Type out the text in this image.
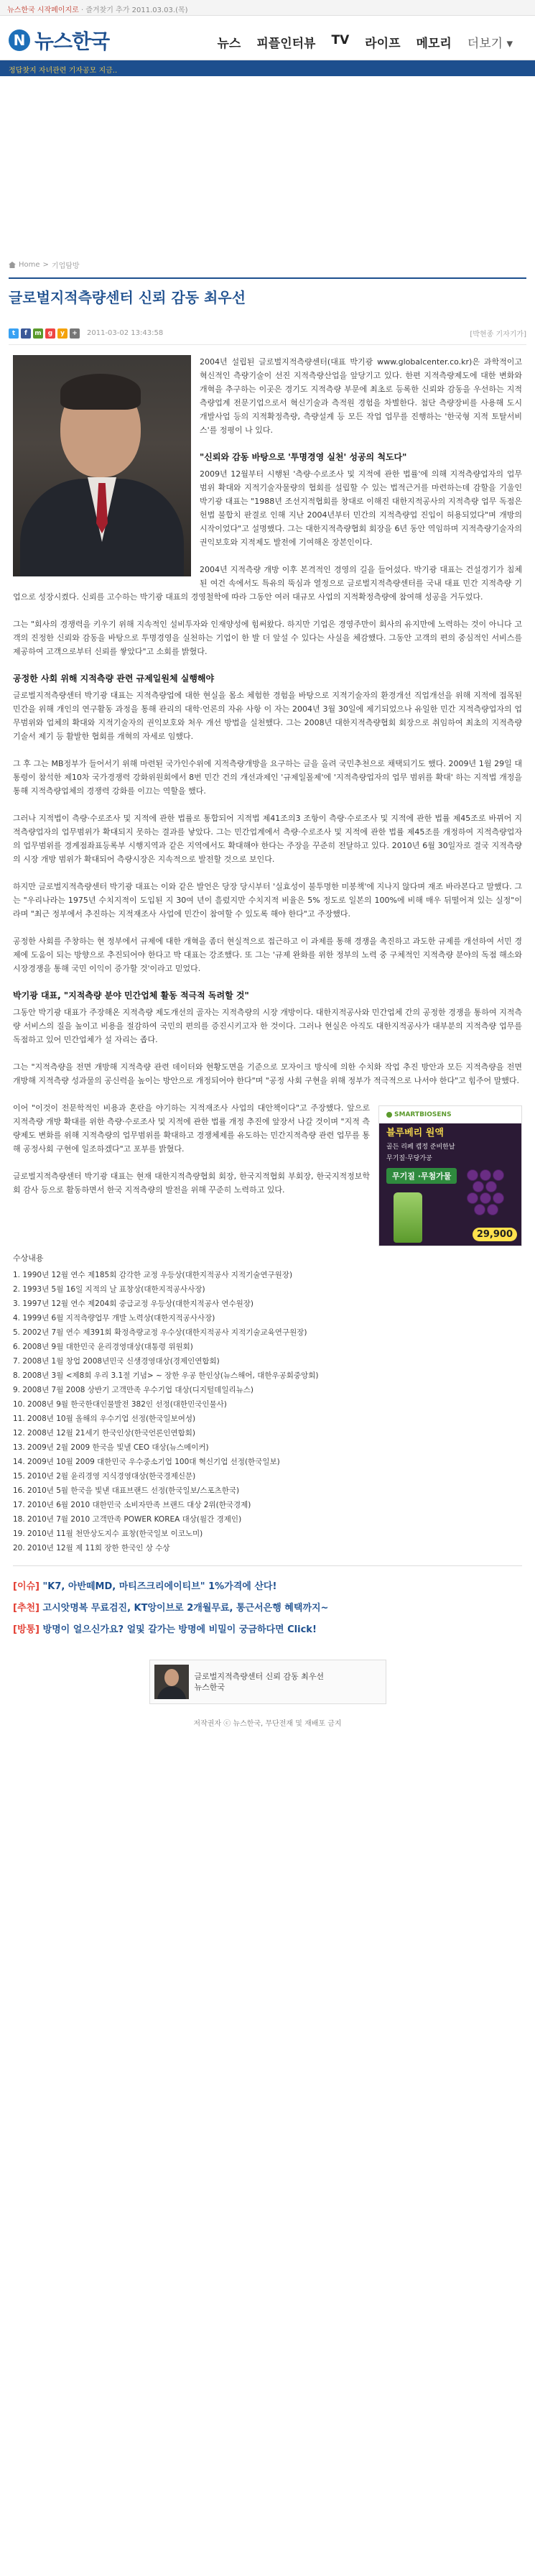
뉴스한국 시작페이지로 · 즐겨찾기 추가 2011.03.03.(목)
N 뉴스한국	뉴스	피플인터뷰	TV	라이프	메모리	더보기 ▾
정답찾지 자녀관련 기자공모 지금..
Home > 기업탐방
글로벌지적측량센터 신뢰 감동 최우선
t	f	m	g	y	+	2011-03-02 13:43:58	[박현종 기자기가]

2004년 설립된 글로벌지적측량센터(대표 박기광 www.globalcenter.co.kr)은 과학적이고 혁신적인 측량기술이 선진 지적측량산업을 앞당기고 있다. 한편 지적측량제도에 대한 변화와 개혁을 추구하는 이곳은 경기도 지적측량 부문에 최초로 등록한 신뢰와 감동을 우선하는 지적측량업계 전문기업으로서 혁신기술과 측적원 경험을 차별한다. 첨단 측량장비를 사용해 도시개발사업 등의 지적확정측량, 측량설계 등 모든 작업 업무를 진행하는 '한국형 지적 토탈서비스'를 정평이 나 있다.

"신뢰와 감동 바탕으로 '투명경영 실천' 성공의 척도다"

2009년 12월부터 시행된 '측량·수로조사 및 지적에 관한 법률'에 의해 지적측량업자의 업무 범위 확대와 지적기술자물량의 협회를 설립할 수 있는 법적근거를 마련하는데 감할을 기울인 박기광 대표는 "1988년 조선지적협회를 창대로 이해진 대한지적공사의 지적측량 업무 독점은 헌법 불합치 판결로 인해 지난 2004년부터 민간의 지적측량업 진입이 허용되었다"며 개방의 시작이었다"고 설명했다. 그는 대한지적측량협회 회장을 6년 동안 역임하며 지적측량기술자의 권익보호와 지적제도 발전에 기여해온 장본인이다.

2004년 지적측량 개방 이후 본격적인 경영의 길을 들어섰다. 박기광 대표는 건설경기가 침체된 여건 속에서도 특유의 뚝심과 열정으로 글로벌지적측량센터를 국내 대표 민간 지적측량 기업으로 성장시켰다. 신뢰를 고수하는 박기광 대표의 경영철학에 따라 그동안 여러 대규모 사업의 지적확정측량에 참여해 성공을 거두었다.

그는 "회사의 경쟁력을 키우기 위해 지속적인 설비투자와 인재양성에 힘써왔다. 하지만 기업은 경영주만이 회사의 유지만에 노력하는 것이 아니다 고객의 진정한 신뢰와 감동을 바탕으로 투명경영을 실천하는 기업이 한 발 더 앞설 수 있다는 사실을 체감했다. 그동안 고객의 편의 중심적인 서비스를 제공하여 고객으로부터 신뢰를 쌓았다"고 소회를 밝혔다.

공정한 사회 위해 지적측량 관련 규제일원체 실행해야

글로벌지적측량센터 박기광 대표는 지적측량업에 대한 현실을 몸소 체험한 경험을 바탕으로 지적기술자의 환경개선 직업개선을 위해 지적에 접목된 민간을 위해 개인의 연구활동 과정을 통해 관리의 대학·언론의 자유 사항 이 자는 2004년 3월 30일에 제기되었으나 유일한 민간 지적측량업자의 업무범위와 업체의 확대와 지적기술자의 권익보호와 처우 개선 방법을 실천했다. 그는 2008년 대한지적측량협회 회장으로 취임하여 최초의 지적측량 기술서 제기 등 활발한 협회를 개혁의 자세로 임했다.

그 후 그는 MB정부가 들어서기 위해 마련된 국가인수위에 지적측량개방을 요구하는 글을 올려 국민추천으로 채택되기도 했다. 2009년 1월 29일 대통령이 참석한 제10차 국가경쟁력 강화위원회에서 8번 민간 건의 개선과제인 '규제일몰제'에 '지적측량업자의 업무 범위를 확대' 하는 지적법 개정을 통해 지적측량업체의 경쟁력 강화를 이끄는 역할을 했다.

그러나 지적법이 측량·수로조사 및 지적에 관한 법률로 통합되어 지적법 제41조의3 조항이 측량·수로조사 및 지적에 관한 법률 제45조로 바뀌어 지적측량업자의 업무범위가 확대되지 못하는 결과를 낳았다. 그는 민간업계에서 측량·수로조사 및 지적에 관한 법률 제45조를 개정하여 지적측량업자의 업무범위를 경계점좌표등록부 시행지역과 같은 지역에서도 확대해야 한다는 주장을 꾸준히 전달하고 있다. 2010년 6월 30일자로 결국 지적측량의 시장 개방 범위가 확대되어 측량시장은 지속적으로 발전할 것으로 보인다.

하지만 글로벌지적측량센터 박기광 대표는 이와 같은 발언은 당장 당시부터 '실효성이 불투명한 미봉책'에 지나지 않다며 재조 바라본다고 말했다. 그는 "우리나라는 1975년 수치지적이 도입된 지 30여 년이 흘렀지만 수치지적 비율은 5% 정도로 일본의 100%에 비해 매우 뒤떨어져 있는 실정"이라며 "최근 정부에서 추진하는 지적재조사 사업에 민간이 참여할 수 있도록 해야 한다"고 주장했다.

공정한 사회를 주창하는 현 정부에서 규제에 대한 개혁을 좀더 현실적으로 접근하고 이 과제를 통해 경쟁을 촉진하고 과도한 규제를 개선하여 서민 경제에 도움이 되는 방향으로 추진되어야 한다고 박 대표는 강조했다. 또 그는 '규제 완화를 위한 정부의 노력 중 구체적인 지적측량 분야의 독점 해소와 시장경쟁을 통해 국민 이익이 증가할 것'이라고 믿었다.

박기광 대표, "지적측량 분야 민간업체 활동 적극적 독려할 것"

그동안 박기광 대표가 주장해온 지적측량 제도개선의 골자는 지적측량의 시장 개방이다. 대한지적공사와 민간업체 간의 공정한 경쟁을 통하여 지적측량 서비스의 질을 높이고 비용을 절감하여 국민의 편의를 증진시키고자 한 것이다. 그러나 현실은 아직도 대한지적공사가 대부분의 지적측량 업무를 독점하고 있어 민간업체가 설 자리는 좁다.

그는 "지적측량을 전면 개방해 지적측량 관련 데이터와 현황도면을 기준으로 모자이크 방식에 의한 수치화 작업 추진 방안과 모든 지적측량을 전면 개방해 지적측량 성과물의 공신력을 높이는 방안으로 개정되어야 한다"며 "공정 사회 구현을 위해 정부가 적극적으로 나서야 한다"고 힘주어 말했다.

SMARTBIOSENS
블루베리 원액
골든 리페 캡정 준비한날
무기질·무당가공
무기질 ·무첨가물
29,900

이어 "이것이 전문학적인 비용과 혼란을 야기하는 지적재조사 사업의 대안책이다"고 주장했다. 앞으로 지적측량 개방 확대를 위한 측량·수로조사 및 지적에 관한 법률 개정 추진에 앞장서 나갈 것이며 "지적 측량제도 변화를 위해 지적측량의 업무범위를 확대하고 경쟁체제를 유도하는 민간지적측량 관련 업무를 통해 공정사회 구현에 일조하겠다"고 포부를 밝혔다.

글로벌지적측량센터 박기광 대표는 현재 대한지적측량협회 회장, 한국지적협회 부회장, 한국지적정보학회 감사 등으로 활동하면서 한국 지적측량의 발전을 위해 꾸준히 노력하고 있다.

수상내용
1. 1990년 12월 연수 제185회 감각한 교정 우등상(대한지적공사 지적기술연구원장)
2. 1993년 5월 16일 지적의 날 표창상(대한지적공사사장)
3. 1997년 12월 연수 제204회 중급교정 우등상(대한지적공사 연수원장)
4. 1999년 6월 지적측량업무 개발 노력상(대한지적공사사장)
5. 2002년 7월 연수 제391회 확정측량교정 우수상(대한지적공사 지적기술교육연구원장)
6. 2008년 9월 대한민국 윤리경영대상(대통령 위원회)
7. 2008년 1월 창업 2008년민국 신생경영대상(경제인연합회)
8. 2008년 3월 <제8회 우리 3.1절 기념> ~ 장한 우공 한인상(뉴스해어, 대한우공회중앙회)
9. 2008년 7월 2008 상반기 고객만족 우수기업 대상(디지털데일리뉴스)
10. 2008년 9월 한국한대인물발전 382인 선정(대한민국인물사)
11. 2008년 10월 올해의 우수기업 선정(한국일보여성)
12. 2008년 12월 21세기 한국인상(한국언론인연합회)
13. 2009년 2월 2009 한국을 빛낼 CEO 대상(뉴스메이커)
14. 2009년 10월 2009 대한민국 우수중소기업 100대 혁신기업 선정(한국일보)
15. 2010년 2월 윤리경영 지식경영대상(한국경제신문)
16. 2010년 5월 한국을 빛낸 대표브랜드 선정(한국일보/스포츠한국)
17. 2010년 6월 2010 대한민국 소비자만족 브랜드 대상 2위(한국경제)
18. 2010년 7월 2010 고객만족 POWER KOREA 대상(월간 경제인)
19. 2010년 11월 천만상도지수 표창(한국일보 이코노미)
20. 2010년 12월 제 11회 장한 한국인 상 수상
[이슈] "K7, 아반떼MD, 마티즈크리에이티브" 1%가격에 산다!
[추천] 고시앗명복 무료검진, KT앙이브로 2개월무료, 통근서은행 혜택까지~
[방통] 방명이 얼으신가요? 얼및 갈가는 방명에 비밀이 궁금하다면 Click!
글로벌지적측량센터 신뢰 감동 최우선
뉴스한국
저작권자 ⓒ 뉴스한국, 무단전재 및 재배포 금지
